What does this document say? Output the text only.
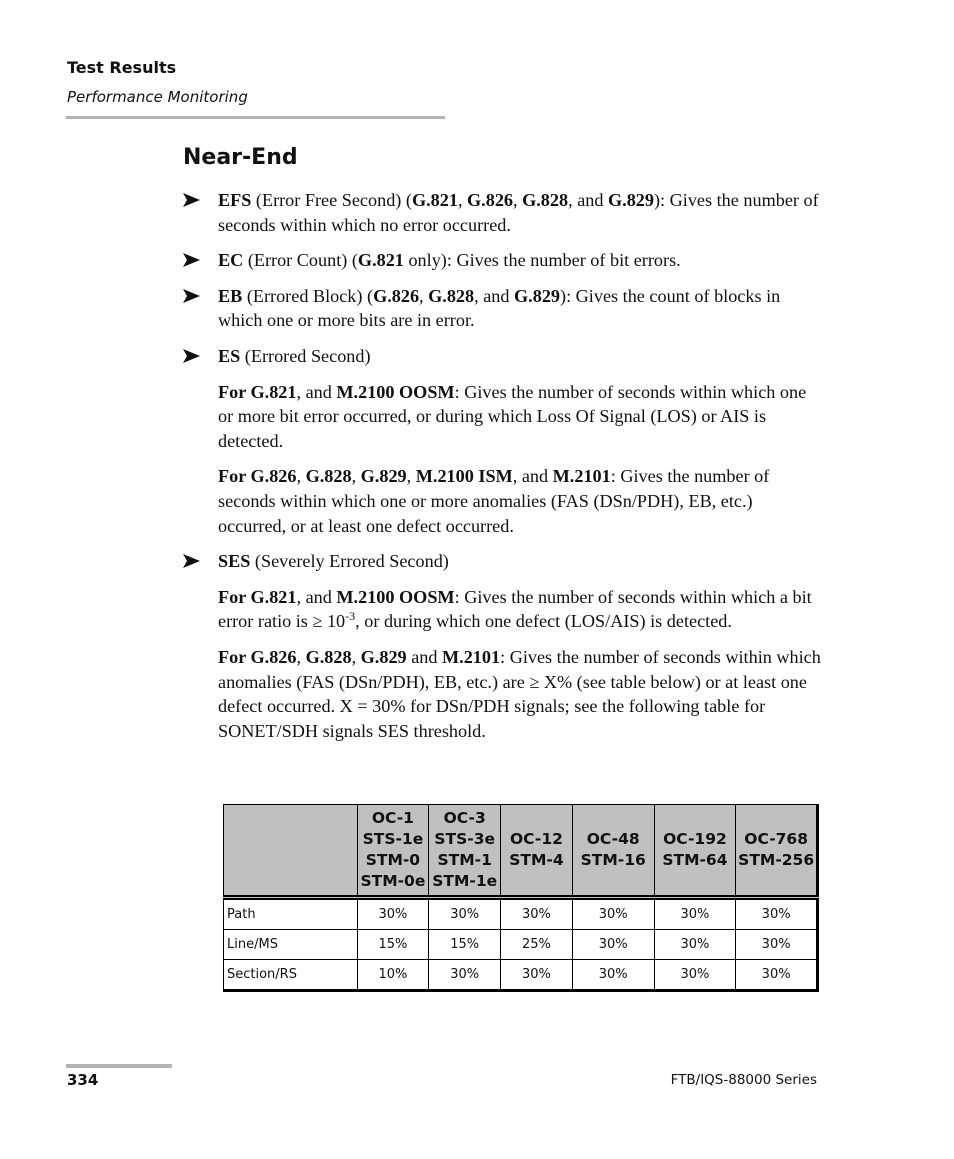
Test Results
Performance Monitoring
Near-End

EFS (Error Free Second) (G.821, G.826, G.828, and G.829): Gives the number of seconds within which no error occurred.

EC (Error Count) (G.821 only): Gives the number of bit errors.

EB (Errored Block) (G.826, G.828, and G.829): Gives the count of blocks in which one or more bits are in error.

ES (Errored Second)

For G.821, and M.2100 OOSM: Gives the number of seconds within which one or more bit error occurred, or during which Loss Of Signal (LOS) or AIS is detected.

For G.826, G.828, G.829, M.2100 ISM, and M.2101: Gives the number of seconds within which one or more anomalies (FAS (DSn/PDH), EB, etc.) occurred, or at least one defect occurred.

SES (Severely Errored Second)

For G.821, and M.2100 OOSM: Gives the number of seconds within which a bit error ratio is ≥ $10^{-3}$, or during which one defect (LOS/AIS) is detected.

For G.826, G.828, G.829 and M.2101: Gives the number of seconds within which anomalies (FAS (DSn/PDH), EB, etc.) are ≥ X% (see table below) or at least one defect occurred. X = 30% for DSn/PDH signals; see the following table for SONET/SDH signals SES threshold.

	OC-1
STS-1e
STM-0
STM-0e	OC-3
STS-3e
STM-1
STM-1e	OC-12
STM-4	OC-48
STM-16	OC-192
STM-64	OC-768
STM-256
Path	30%	30%	30%	30%	30%	30%
Line/MS	15%	15%	25%	30%	30%	30%
Section/RS	10%	30%	30%	30%	30%	30%
334	FTB/IQS-88000 Series
